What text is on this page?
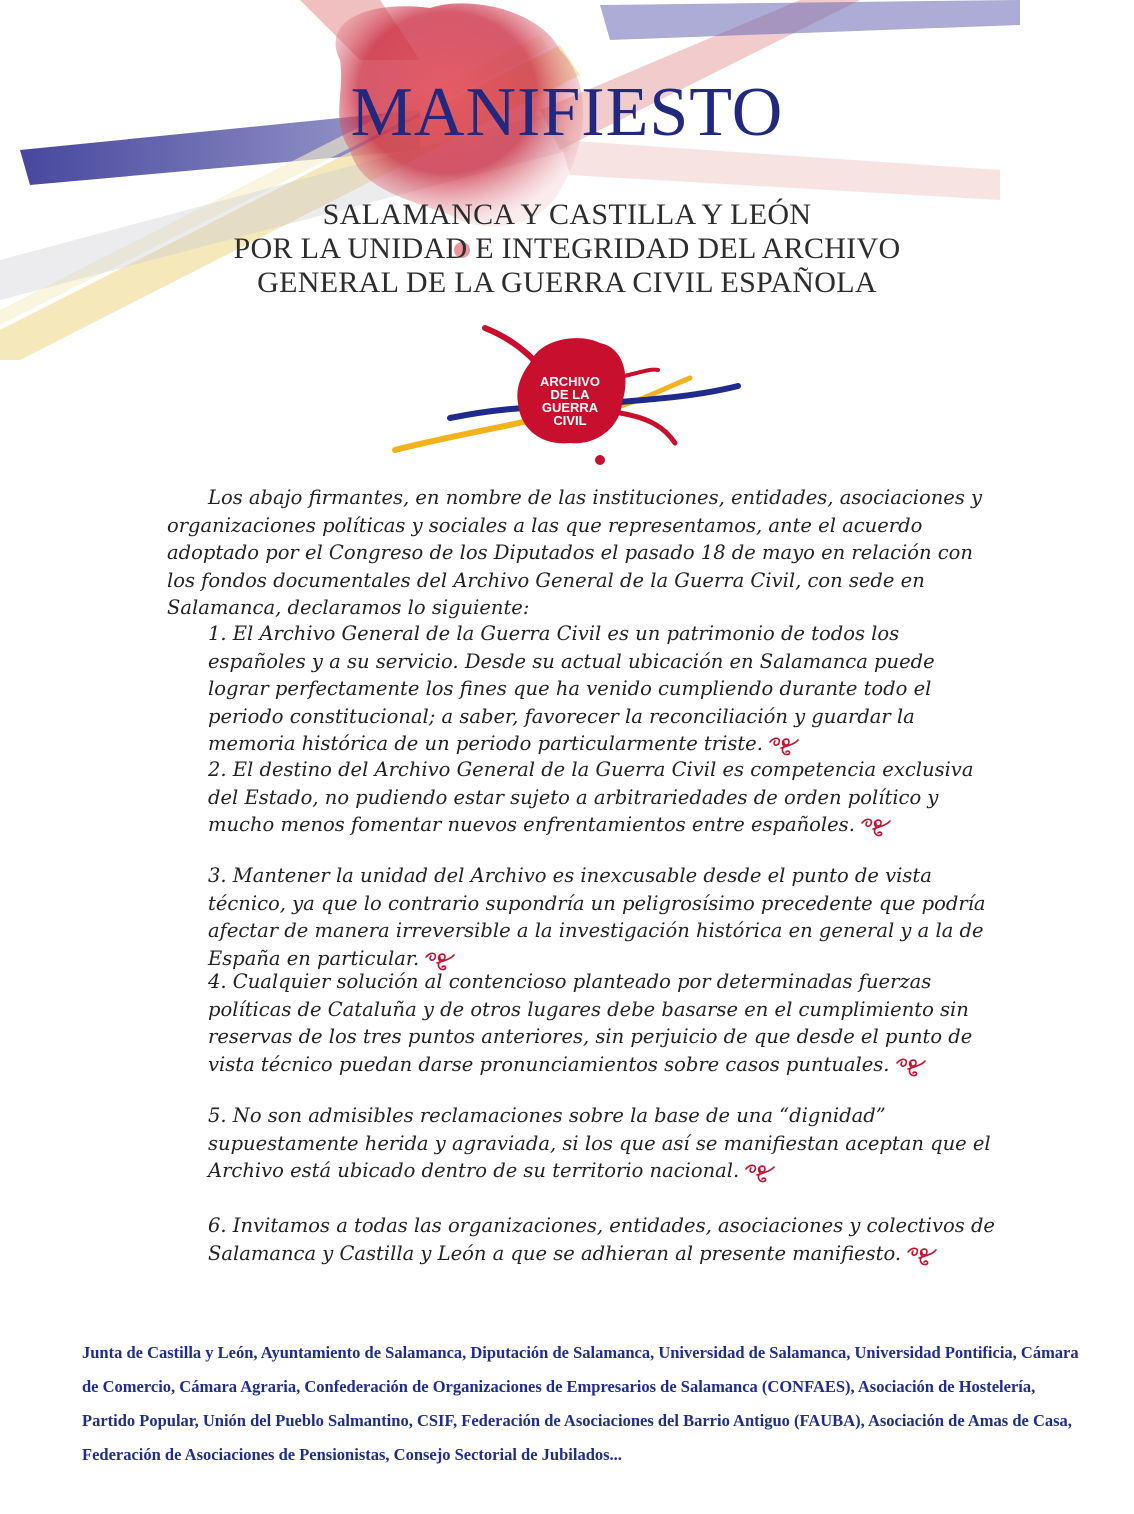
MANIFIESTO
SALAMANCA Y CASTILLA Y LEÓN
POR LA UNIDAD E INTEGRIDAD DEL ARCHIVO
GENERAL DE LA GUERRA CIVIL ESPAÑOLA
ARCHIVO
DE LA
GUERRA
CIVIL
Los abajo firmantes, en nombre de las instituciones, entidades, asociaciones y organizaciones políticas y sociales a las que representamos, ante el acuerdo adoptado por el Congreso de los Diputados el pasado 18 de mayo en relación con los fondos documentales del Archivo General de la Guerra Civil, con sede en Salamanca, declaramos lo siguiente:
1. El Archivo General de la Guerra Civil es un patrimonio de todos los españoles y a su servicio. Desde su actual ubicación en Salamanca puede lograr perfectamente los fines que ha venido cumpliendo durante todo el periodo constitucional; a saber, favorecer la reconciliación y guardar la memoria histórica de un periodo particularmente triste.
2. El destino del Archivo General de la Guerra Civil es competencia exclusiva del Estado, no pudiendo estar sujeto a arbitrariedades de orden político y mucho menos fomentar nuevos enfrentamientos entre españoles.
3. Mantener la unidad del Archivo es inexcusable desde el punto de vista técnico, ya que lo contrario supondría un peligrosísimo precedente que podría afectar de manera irreversible a la investigación histórica en general y a la de España en particular.
4. Cualquier solución al contencioso planteado por determinadas fuerzas políticas de Cataluña y de otros lugares debe basarse en el cumplimiento sin reservas de los tres puntos anteriores, sin perjuicio de que desde el punto de vista técnico puedan darse pronunciamientos sobre casos puntuales.
5. No son admisibles reclamaciones sobre la base de una “dignidad” supuestamente herida y agraviada, si los que así se manifiestan aceptan que el Archivo está ubicado dentro de su territorio nacional.
6. Invitamos a todas las organizaciones, entidades, asociaciones y colectivos de Salamanca y Castilla y León a que se adhieran al presente manifiesto.
Junta de Castilla y León, Ayuntamiento de Salamanca, Diputación de Salamanca, Universidad de Salamanca, Universidad Pontificia, Cámara
de Comercio, Cámara Agraria, Confederación de Organizaciones de Empresarios de Salamanca (CONFAES), Asociación de Hostelería,
Partido Popular, Unión del Pueblo Salmantino, CSIF, Federación de Asociaciones del Barrio Antiguo (FAUBA), Asociación de Amas de Casa,
Federación de Asociaciones de Pensionistas, Consejo Sectorial de Jubilados...
